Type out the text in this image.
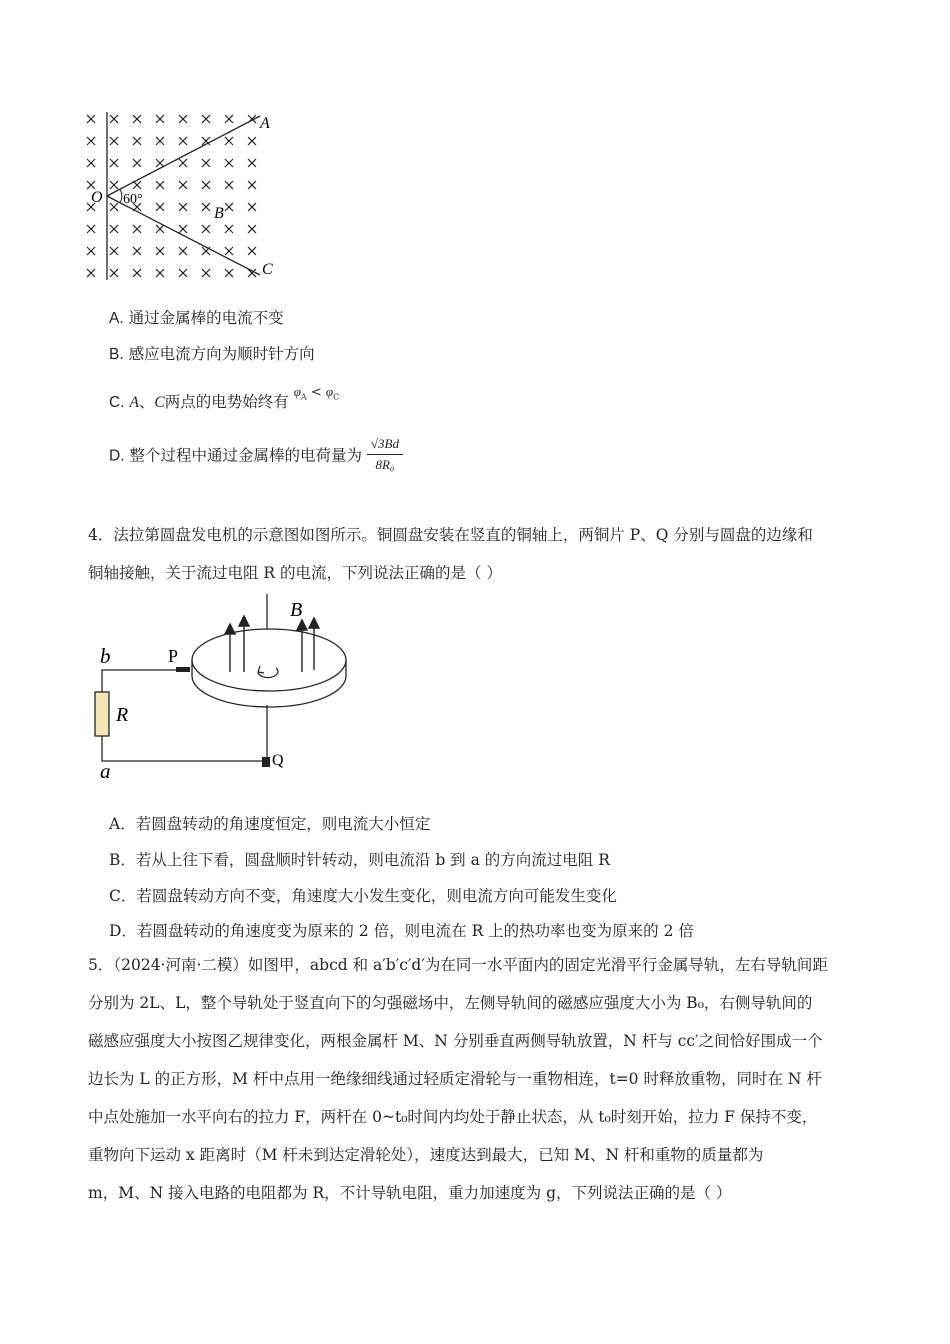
A
B
C
O 60°
A. 通过金属棒的电流不变
B. 感应电流方向为顺时针方向
C. A、C两点的电势始终有 $^{\varphi_A < \varphi_C}$
D. 整个过程中通过金属棒的电荷量为 $\frac{√3Bd}{\text{8R₀}}$
4．法拉第圆盘发电机的示意图如图所示。铜圆盘安装在竖直的铜轴上，两铜片 P、Q 分别与圆盘的边缘和
铜轴接触，关于流过电阻 R 的电流，下列说法正确的是（ ）
B
b	P
R
a	Q
A．若圆盘转动的角速度恒定，则电流大小恒定
B．若从上往下看，圆盘顺时针转动，则电流沿 b 到 a 的方向流过电阻 R
C．若圆盘转动方向不变，角速度大小发生变化，则电流方向可能发生变化
D．若圆盘转动的角速度变为原来的 2 倍，则电流在 R 上的热功率也变为原来的 2 倍
5．（2024·河南·二模）如图甲，abcd 和 a′b′c′d′为在同一水平面内的固定光滑平行金属导轨，左右导轨间距
分别为 2L、L，整个导轨处于竖直向下的匀强磁场中，左侧导轨间的磁感应强度大小为 B₀，右侧导轨间的
磁感应强度大小按图乙规律变化，两根金属杆 M、N 分别垂直两侧导轨放置，N 杆与 cc′之间恰好围成一个
边长为 L 的正方形，M 杆中点用一绝缘细线通过轻质定滑轮与一重物相连，t=0 时释放重物，同时在 N 杆
中点处施加一水平向右的拉力 F，两杆在 0~t₀时间内均处于静止状态，从 t₀时刻开始，拉力 F 保持不变，
重物向下运动 x 距离时（M 杆未到达定滑轮处），速度达到最大，已知 M、N 杆和重物的质量都为
m，M、N 接入电路的电阻都为 R，不计导轨电阻，重力加速度为 g，下列说法正确的是（ ）
